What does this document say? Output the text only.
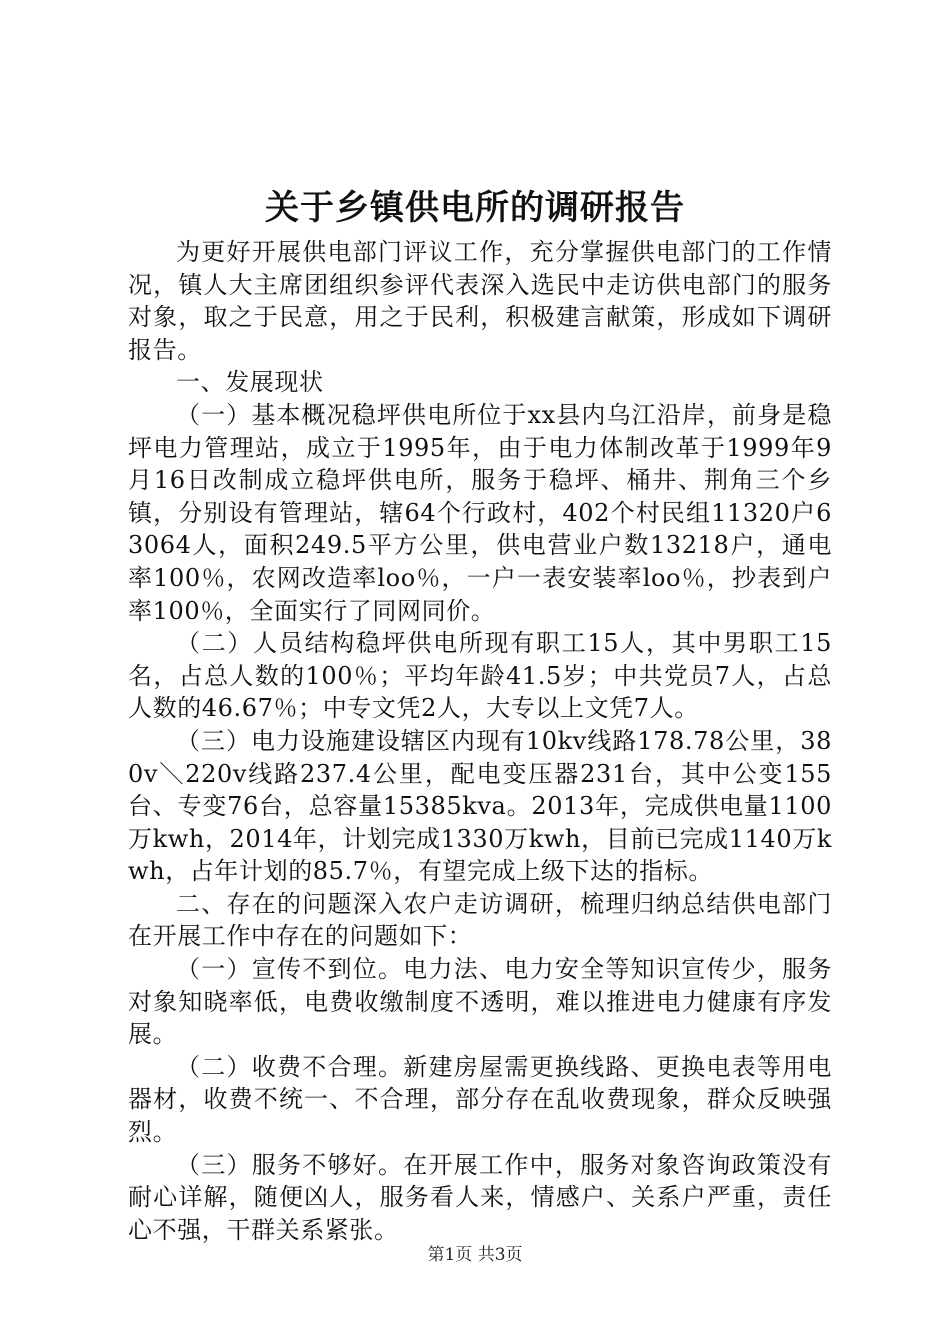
关于乡镇供电所的调研报告

为更好开展供电部门评议工作，充分掌握供电部门的工作情况，镇人大主席团组织参评代表深入选民中走访供电部门的服务对象，取之于民意，用之于民利，积极建言献策，形成如下调研报告。

一、发展现状

（一）基本概况稳坪供电所位于xx县内乌江沿岸，前身是稳坪电力管理站，成立于1995年，由于电力体制改革于1999年9月16日改制成立稳坪供电所，服务于稳坪、桶井、荆角三个乡镇，分别设有管理站，辖64个行政村，402个村民组11320户63064人，面积249.5平方公里，供电营业户数13218户，通电率100％，农网改造率loo％，一户一表安装率loo％，抄表到户率100％，全面实行了同网同价。

（二）人员结构稳坪供电所现有职工15人，其中男职工15名，占总人数的100％；平均年龄41.5岁；中共党员7人，占总人数的46.67％；中专文凭2人，大专以上文凭7人。

（三）电力设施建设辖区内现有10kv线路178.78公里，380v＼220v线路237.4公里，配电变压器231台，其中公变155台、专变76台，总容量15385kva。2013年，完成供电量1100万kwh，2014年，计划完成1330万kwh，目前已完成1140万kwh，占年计划的85.7％，有望完成上级下达的指标。

二、存在的问题深入农户走访调研，梳理归纳总结供电部门在开展工作中存在的问题如下：

（一）宣传不到位。电力法、电力安全等知识宣传少，服务对象知晓率低，电费收缴制度不透明，难以推进电力健康有序发展。

（二）收费不合理。新建房屋需更换线路、更换电表等用电器材，收费不统一、不合理，部分存在乱收费现象，群众反映强烈。

（三）服务不够好。在开展工作中，服务对象咨询政策没有耐心详解，随便凶人，服务看人来，情感户、关系户严重，责任心不强，干群关系紧张。

第1页 共3页
